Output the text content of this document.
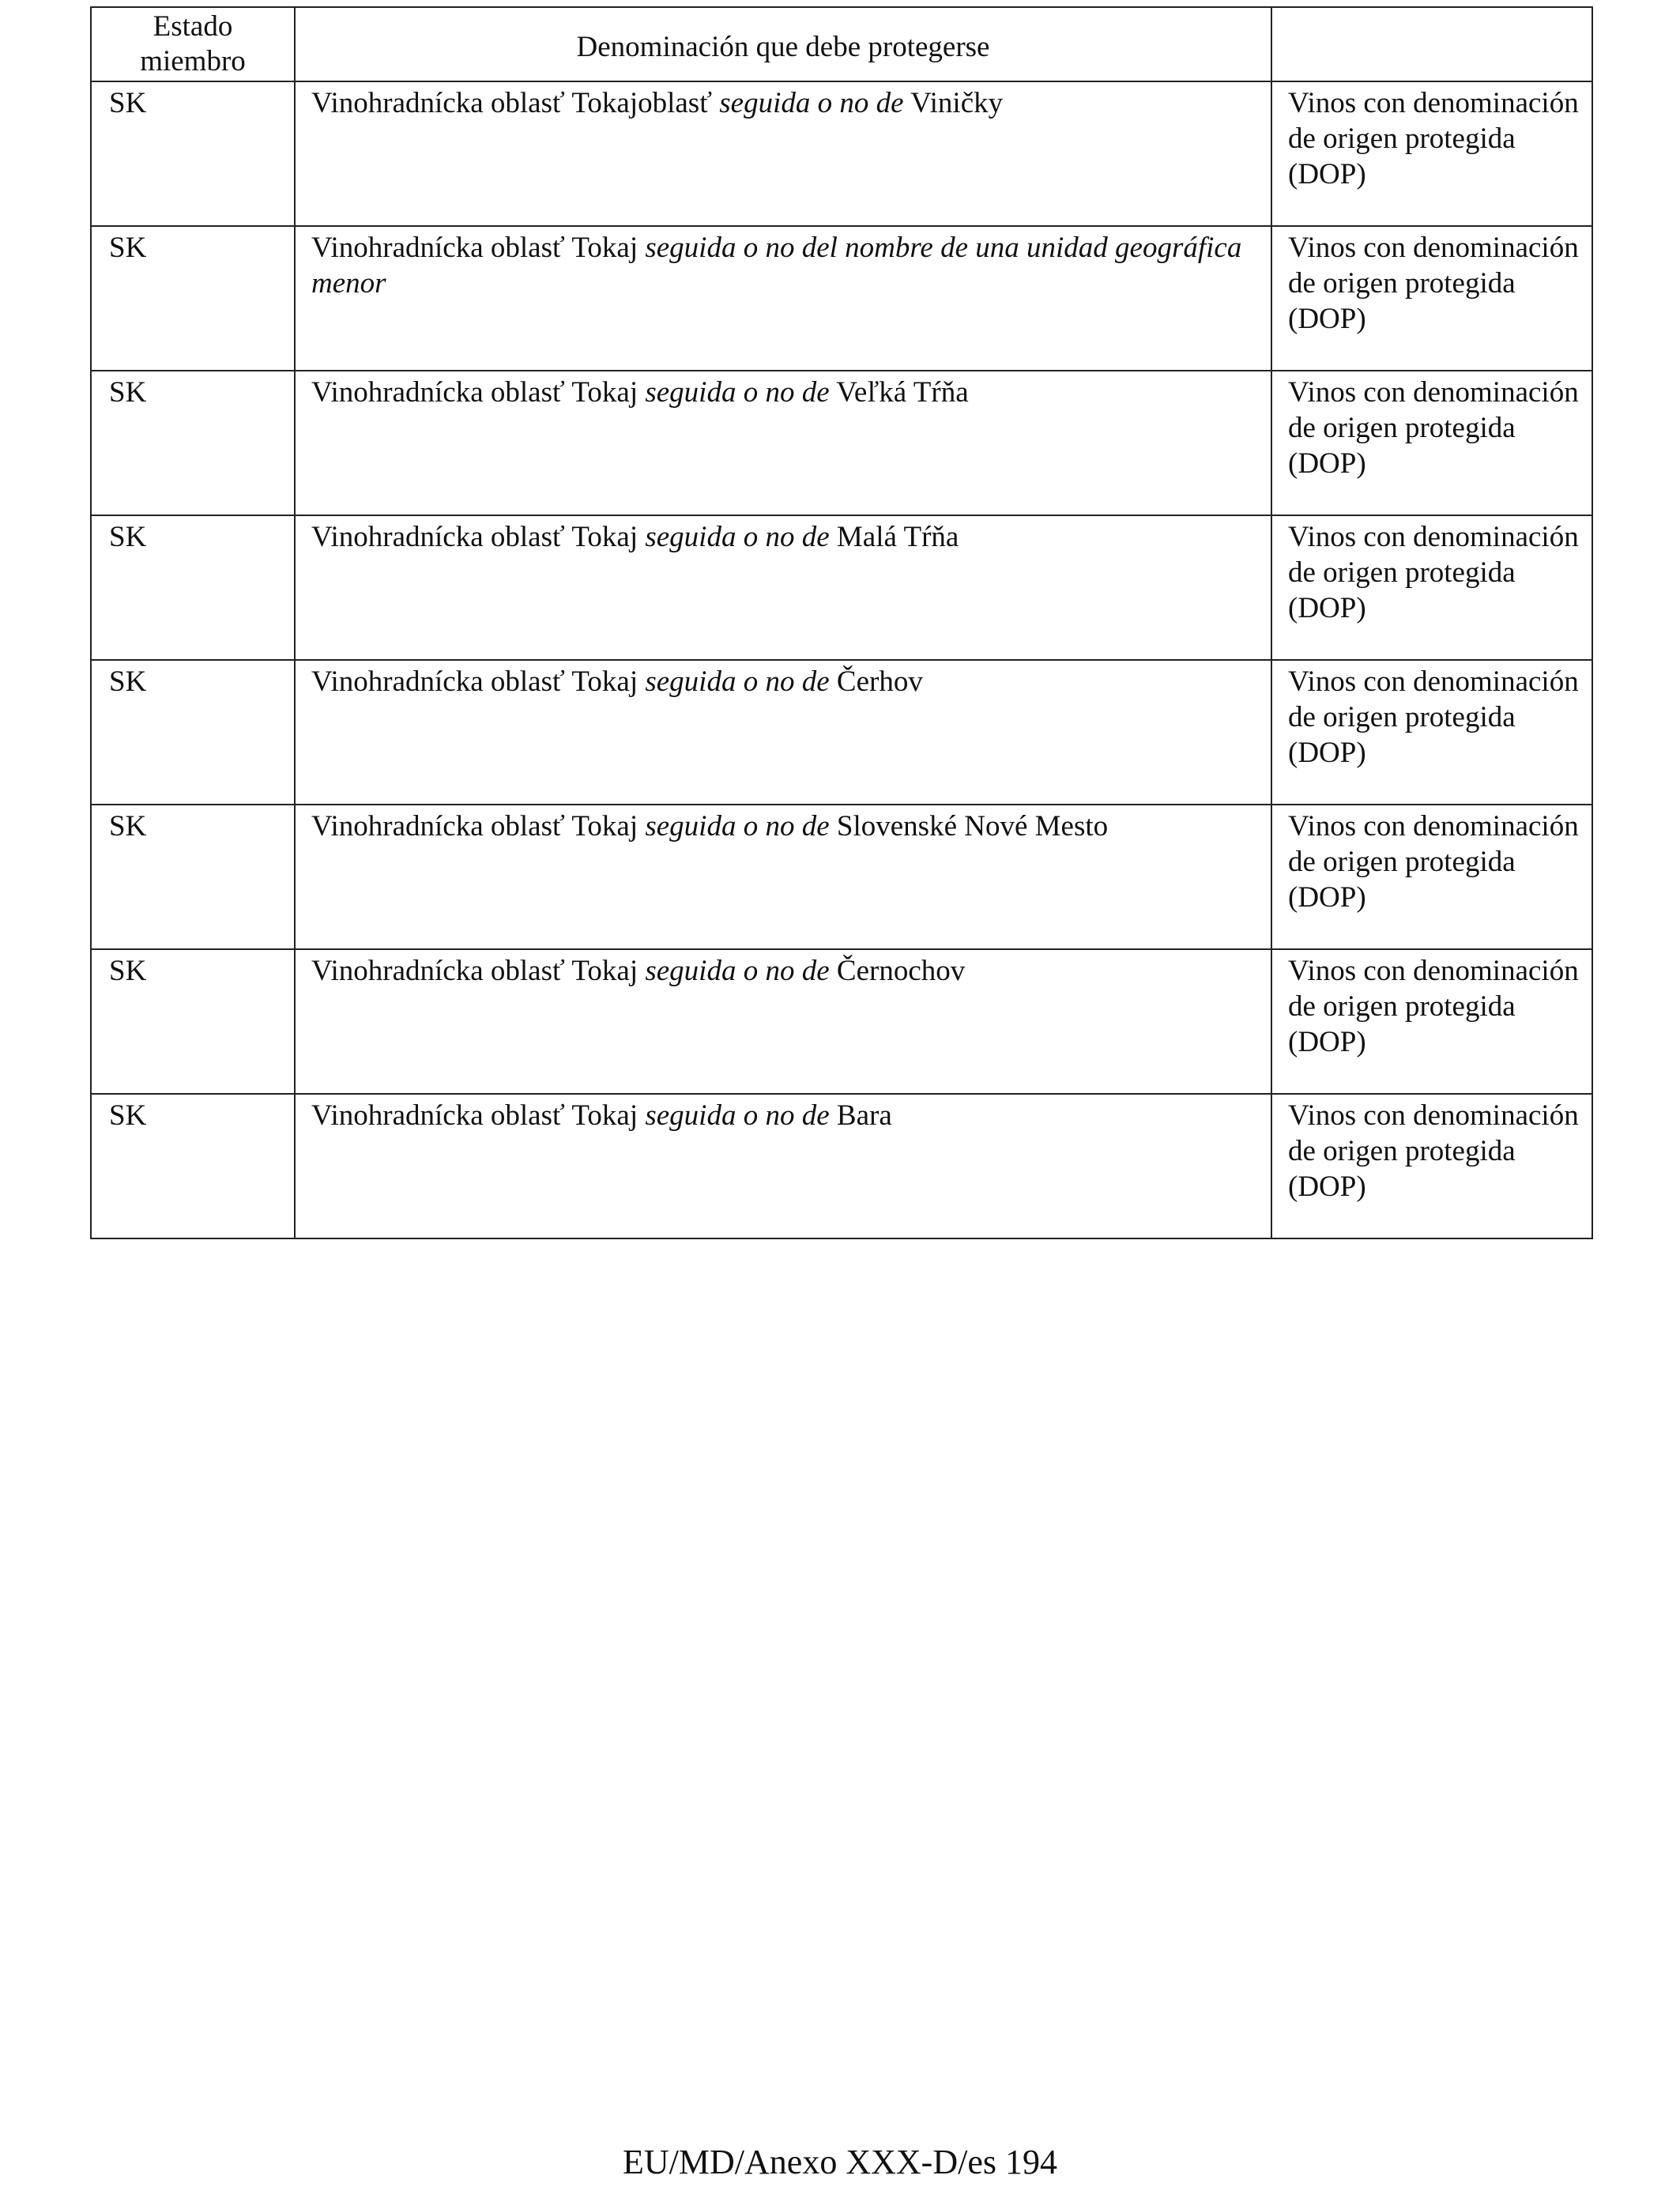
Estado
miembro	Denominación que debe protegerse	
SK	Vinohradnícka oblasť Tokajoblasť seguida o no de Viničky	Vinos con denominación de origen protegida (DOP)
SK	Vinohradnícka oblasť Tokaj seguida o no del nombre de una unidad geográfica menor	Vinos con denominación de origen protegida (DOP)
SK	Vinohradnícka oblasť Tokaj seguida o no de Veľká Tŕňa	Vinos con denominación de origen protegida (DOP)
SK	Vinohradnícka oblasť Tokaj seguida o no de Malá Tŕňa	Vinos con denominación de origen protegida (DOP)
SK	Vinohradnícka oblasť Tokaj seguida o no de Čerhov	Vinos con denominación de origen protegida (DOP)
SK	Vinohradnícka oblasť Tokaj seguida o no de Slovenské Nové Mesto	Vinos con denominación de origen protegida (DOP)
SK	Vinohradnícka oblasť Tokaj seguida o no de Černochov	Vinos con denominación de origen protegida (DOP)
SK	Vinohradnícka oblasť Tokaj seguida o no de Bara	Vinos con denominación de origen protegida (DOP)
EU/MD/Anexo XXX-D/es 194
